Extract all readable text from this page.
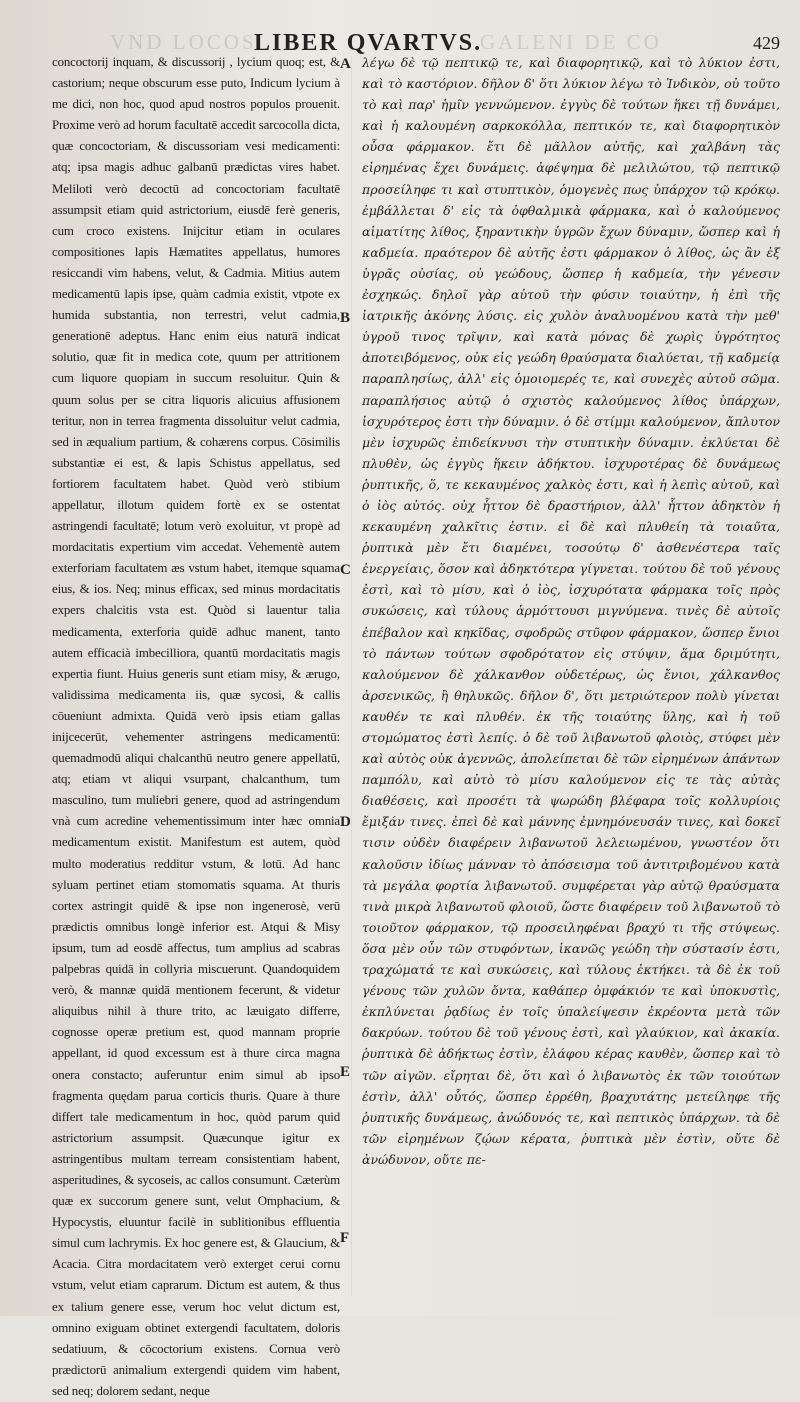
VND LOCOS	GALENI DE CO
LIBER QVARTVS.	429

concoctorij inquam, & discussorij , lycium quoq; est, & castorium; neque obscurum esse puto, Indicum lycium à me dici, non hoc, quod apud nostros populos prouenit. Proxime verò ad horum facultatē accedit sarcocolla dicta, quæ concoctoriam, & discussoriam vesi medicamenti: atq; ipsa magis adhuc galbanū prædictas vires habet. Meliloti verò decoctū ad concoctoriam facultatē assumpsit etiam quid astrictorium, eiusdē ferè generis, cum croco existens. Inijcitur etiam in oculares compositiones lapis Hæmatites appellatus, humores resiccandi vim habens, velut, & Cadmia. Mitius autem medicamentū lapis ipse, quàm cadmia existit, vtpote ex humida substantia, non terrestri, velut cadmia, generationē adeptus. Hanc enim eius naturā indicat solutio, quæ fit in medica cote, quum per attritionem cum liquore quopiam in succum resoluitur. Quin & quum solus per se citra liquoris alicuius affusionem teritur, non in terrea fragmenta dissoluitur velut cadmia, sed in æqualium partium, & cohærens corpus. Cōsimilis substantiæ ei est, & lapis Schistus appellatus, sed fortiorem facultatem habet. Quòd verò stibium appellatur, illotum quidem fortè ex se ostentat astringendi facultatē; lotum verò exoluitur, vt propè ad mordacitatis expertium vim accedat. Vehementè autem exterforiam facultatem æs vstum habet, itemque squama eius, & ios. Neq; minus efficax, sed minus mordacitatis expers chalcitis vsta est. Quòd si lauentur talia medicamenta, exterforia quidē adhuc manent, tanto autem efficacià imbecilliora, quantū mordacitatis magis expertia fiunt. Huius generis sunt etiam misy, & ærugo, validissima medicamenta iis, quæ sycosi, & callis cōueniunt admixta. Quidā verò ipsis etiam gallas inijcecerūt, vehementer astringens medicamentū: quemadmodū aliqui chalcanthū neutro genere appellatū, atq; etiam vt aliqui vsurpant, chalcanthum, tum masculino, tum muliebri genere, quod ad astringendum vnà cum acredine vehementissimum inter hæc omnia medicamentum existit. Manifestum est autem, quòd multo moderatius redditur vstum, & lotū. Ad hanc syluam pertinet etiam stomomatis squama. At thuris cortex astringit quidē & ipse non ingenerosè, verū prædictis omnibus longè inferior est. Atqui & Misy ipsum, tum ad eosdē affectus, tum amplius ad scabras palpebras quidā in collyria miscuerunt. Quandoquidem verò, & mannæ quidā mentionem fecerunt, & videtur aliquibus nihil à thure trito, ac læuigato differre, cognosse operæ pretium est, quod mannam proprie appellant, id quod excessum est à thure circa magna onera constacto; auferuntur enim simul ab ipso fragmenta quędam parua corticis thuris. Quare à thure differt tale medicamentum in hoc, quòd parum quid astrictorium assumpsit. Quæcunque igitur ex astringentibus multam terream consistentiam habent, asperitudines, & sycoseis, ac callos consumunt. Cæterùm quæ ex succorum genere sunt, velut Omphacium, & Hypocystis, eluuntur facilè in sublitionibus effluentia simul cum lachrymis. Ex hoc genere est, & Glaucium, & Acacia. Citra mordacitatem verò exterget cerui cornu vstum, velut etiam caprarum. Dictum est autem, & thus ex talium genere esse, verum hoc velut dictum est, omnino exiguam obtinet extergendi facultatem, doloris sedatiuum, & cōcoctorium existens. Cornua verò prædictorū animalium extergendi quidem vim habent, sed neq; dolorem sedant, neque

A
B
C
D
E
F

λέγω δὲ τῷ πεπτικῷ τε, καὶ διαφορητικῷ, καὶ τὸ λύκιον ἐστι, καὶ τὸ καστόριον. δῆλον δ' ὅτι λύκιον λέγω τὸ Ἰνδικὸν, οὐ τοῦτο τὸ καὶ παρ' ἡμῖν γεννώμενον. ἐγγὺς δὲ τούτων ἥκει τῇ δυνάμει, καὶ ἡ καλουμένη σαρκοκόλλα, πεπτικόν τε, καὶ διαφορητικὸν οὖσα φάρμακον. ἔτι δὲ μᾶλλον αὐτῆς, καὶ χαλβάνη τὰς εἰρημένας ἔχει δυνάμεις. ἀφέψημα δὲ μελιλώτου, τῷ πεπτικῷ προσείληφε τι καὶ στυπτικὸν, ὁμογενὲς πως ὑπάρχον τῷ κρόκῳ. ἐμβάλλεται δ' εἰς τὰ ὀφθαλμικὰ φάρμακα, καὶ ὁ καλούμενος αἱματίτης λίθος, ξηραντικὴν ὑγρῶν ἔχων δύναμιν, ὥσπερ καὶ ἡ καδμεία. πραότερον δὲ αὐτῆς ἐστι φάρμακον ὁ λίθος, ὡς ἂν ἐξ ὑγρᾶς οὐσίας, οὐ γεώδους, ὥσπερ ἡ καδμεία, τὴν γένεσιν ἐσχηκώς. δηλοῖ γὰρ αὐτοῦ τὴν φύσιν τοιαύτην, ἡ ἐπὶ τῆς ἰατρικῆς ἀκόνης λύσις. εἰς χυλὸν ἀναλυομένου κατὰ τὴν μεθ' ὑγροῦ τινος τρῖψιν, καὶ κατὰ μόνας δὲ χωρὶς ὑγρότητος ἀποτειβόμενος, οὐκ εἰς γεώδη θραύσματα διαλύεται, τῇ καδμείᾳ παραπλησίως, ἀλλ' εἰς ὁμοιομερές τε, καὶ συνεχὲς αὐτοῦ σῶμα. παραπλήσιος αὐτῷ ὁ σχιστὸς καλούμενος λίθος ὑπάρχων, ἰσχυρότερος ἐστι τὴν δύναμιν. ὁ δὲ στίμμι καλούμενον, ἄπλυτον μὲν ἰσχυρῶς ἐπιδείκνυσι τὴν στυπτικὴν δύναμιν. ἐκλύεται δὲ πλυθὲν, ὡς ἐγγὺς ἥκειν ἀδήκτου. ἰσχυροτέρας δὲ δυνάμεως ῥυπτικῆς, ὅ, τε κεκαυμένος χαλκὸς ἐστι, καὶ ἡ λεπὶς αὐτοῦ, καὶ ὁ ἰὸς αὐτός. οὐχ ἧττον δὲ δραστήριον, ἀλλ' ἧττον ἀδηκτὸν ἡ κεκαυμένη χαλκῖτις ἐστιν. εἰ δὲ καὶ πλυθείη τὰ τοιαῦτα, ῥυπτικὰ μὲν ἔτι διαμένει, τοσούτῳ δ' ἀσθενέστερα ταῖς ἐνεργείαις, ὅσον καὶ ἀδηκτότερα γίγνεται. τούτου δὲ τοῦ γένους ἐστὶ, καὶ τὸ μίσυ, καὶ ὁ ἰὸς, ἰσχυρότατα φάρμακα τοῖς πρὸς συκώσεις, καὶ τύλους ἁρμόττουσι μιγνύμενα. τινὲς δὲ αὐτοῖς ἐπέβαλον καὶ κηκῖδας, σφοδρῶς στῦφον φάρμακον, ὥσπερ ἔνιοι τὸ πάντων τούτων σφοδρότατον εἰς στύψιν, ἅμα δριμύτητι, καλούμενον δὲ χάλκανθον οὐδετέρως, ὡς ἔνιοι, χάλκανθος ἀρσενικῶς, ἢ θηλυκῶς. δῆλον δ', ὅτι μετριώτερον πολὺ γίνεται καυθέν τε καὶ πλυθέν. ἐκ τῆς τοιαύτης ὕλης, καὶ ἡ τοῦ στομώματος ἐστὶ λεπίς. ὁ δὲ τοῦ λιβανωτοῦ φλοιὸς, στύφει μὲν καὶ αὐτὸς οὐκ ἀγεννῶς, ἀπολείπεται δὲ τῶν εἰρημένων ἁπάντων παμπόλυ, καὶ αὐτὸ τὸ μίσυ καλούμενον εἰς τε τὰς αὐτὰς διαθέσεις, καὶ προσέτι τὰ ψωρώδη βλέφαρα τοῖς κολλυρίοις ἔμιξάν τινες. ἐπεὶ δὲ καὶ μάννης ἐμνημόνευσάν τινες, καὶ δοκεῖ τισιν οὐδὲν διαφέρειν λιβανωτοῦ λελειωμένου, γνωστέον ὅτι καλοῦσιν ἰδίως μάνναν τὸ ἀπόσεισμα τοῦ ἀντιτριβομένου κατὰ τὰ μεγάλα φορτία λιβανωτοῦ. συμφέρεται γὰρ αὐτῷ θραύσματα τινὰ μικρὰ λιβανωτοῦ φλοιοῦ, ὥστε διαφέρειν τοῦ λιβανωτοῦ τὸ τοιοῦτον φάρμακον, τῷ προσειληφέναι βραχύ τι τῆς στύψεως. ὅσα μὲν οὖν τῶν στυφόντων, ἱκανῶς γεώδη τὴν σύστασίν ἐστι, τραχώματά τε καὶ συκώσεις, καὶ τύλους ἐκτήκει. τὰ δὲ ἐκ τοῦ γένους τῶν χυλῶν ὄντα, καθάπερ ὀμφάκιόν τε καὶ ὑποκυστὶς, ἐκπλύνεται ῥᾳδίως ἐν τοῖς ὑπαλείψεσιν ἐκρέοντα μετὰ τῶν δακρύων. τούτου δὲ τοῦ γένους ἐστὶ, καὶ γλαύκιον, καὶ ἀκακία. ῥυπτικὰ δὲ ἀδήκτως ἐστὶν, ἐλάφου κέρας καυθὲν, ὥσπερ καὶ τὸ τῶν αἰγῶν. εἴρηται δὲ, ὅτι καὶ ὁ λιβανωτὸς ἐκ τῶν τοιούτων ἐστὶν, ἀλλ' οὗτός, ὥσπερ ἐρρέθη, βραχυτάτης μετείληφε τῆς ῥυπτικῆς δυνάμεως, ἀνώδυνός τε, καὶ πεπτικὸς ὑπάρχων. τὰ δὲ τῶν εἰρημένων ζῴων κέρατα, ῥυπτικὰ μὲν ἐστὶν, οὔτε δὲ ἀνώδυνον, οὔτε πε-
